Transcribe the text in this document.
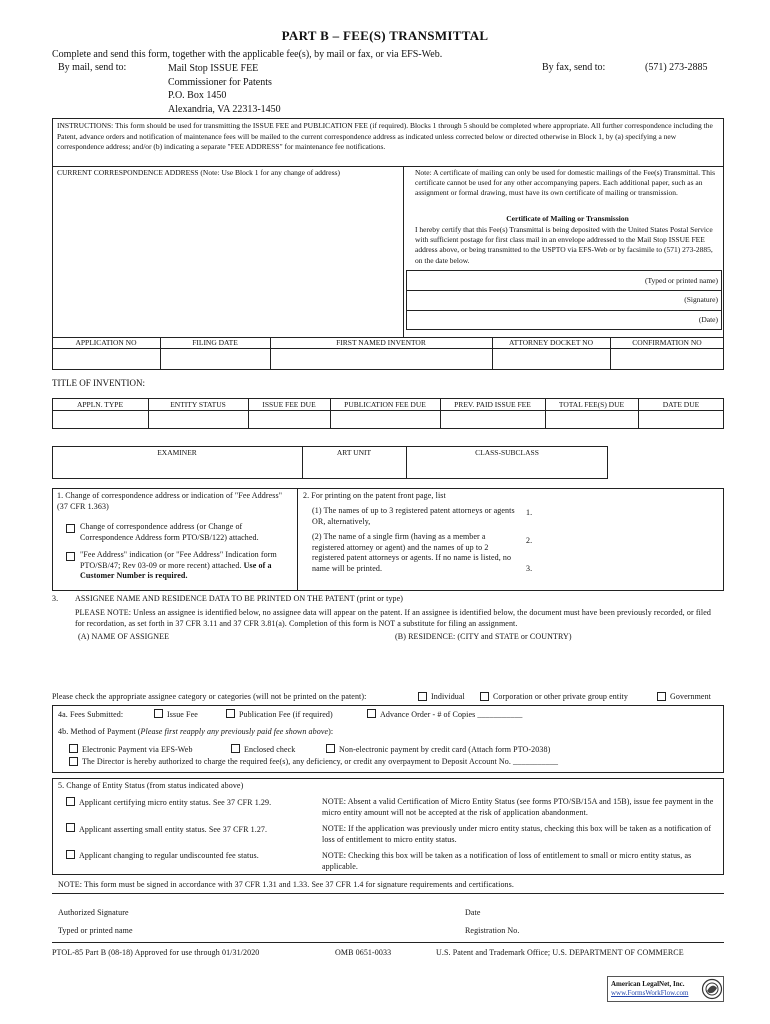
PART B – FEE(S) TRANSMITTAL
Complete and send this form, together with the applicable fee(s), by mail or fax, or via EFS-Web.
By mail, send to:	Mail Stop ISSUE FEE
Commissioner for Patents
P.O. Box 1450
Alexandria, VA 22313-1450
By fax, send to:	(571) 273-2885
INSTRUCTIONS: This form should be used for transmitting the ISSUE FEE and PUBLICATION FEE (if required). Blocks 1 through 5 should be completed where appropriate. All further correspondence including the Patent, advance orders and notification of maintenance fees will be mailed to the current correspondence address as indicated unless corrected below or directed otherwise in Block 1, by (a) specifying a new correspondence address; and/or (b) indicating a separate "FEE ADDRESS" for maintenance fee notifications.
CURRENT CORRESPONDENCE ADDRESS (Note: Use Block 1 for any change of address)	Note: A certificate of mailing can only be used for domestic mailings of the Fee(s) Transmittal. This certificate cannot be used for any other accompanying papers. Each additional paper, such as an assignment or formal drawing, must have its own certificate of mailing or transmission.
Certificate of Mailing or Transmission
I hereby certify that this Fee(s) Transmittal is being deposited with the United States Postal Service with sufficient postage for first class mail in an envelope addressed to the Mail Stop ISSUE FEE address above, or being transmitted to the USPTO via EFS-Web or by facsimile to (571) 273-2885, on the date below.
(Typed or printed name)
(Signature)
(Date)
APPLICATION NO	FILING DATE	FIRST NAMED INVENTOR	ATTORNEY DOCKET NO	CONFIRMATION NO
TITLE OF INVENTION:
APPLN. TYPE	ENTITY STATUS	ISSUE FEE DUE	PUBLICATION FEE DUE	PREV. PAID ISSUE FEE	TOTAL FEE(S) DUE	DATE DUE
EXAMINER	ART UNIT	CLASS-SUBCLASS
1. Change of correspondence address or indication of "Fee Address" (37 CFR 1.363)
Change of correspondence address (or Change of Correspondence Address form PTO/SB/122) attached.
"Fee Address" indication (or "Fee Address" Indication form PTO/SB/47; Rev 03-09 or more recent) attached. Use of a Customer Number is required.
2. For printing on the patent front page, list
(1) The names of up to 3 registered patent attorneys or agents OR, alternatively,
(2) The name of a single firm (having as a member a registered attorney or agent) and the names of up to 2 registered patent attorneys or agents. If no name is listed, no name will be printed.
1.
2.
3.
3. ASSIGNEE NAME AND RESIDENCE DATA TO BE PRINTED ON THE PATENT (print or type)
PLEASE NOTE: Unless an assignee is identified below, no assignee data will appear on the patent. If an assignee is identified below, the document must have been previously recorded, or filed for recordation, as set forth in 37 CFR 3.11 and 37 CFR 3.81(a). Completion of this form is NOT a substitute for filing an assignment.
(A) NAME OF ASSIGNEE	(B) RESIDENCE: (CITY and STATE or COUNTRY)
Please check the appropriate assignee category or categories (will not be printed on the patent):	Individual	Corporation or other private group entity	Government
4a. Fees Submitted:	Issue Fee	Publication Fee (if required)	Advance Order - # of Copies ___________
4b. Method of Payment (Please first reapply any previously paid fee shown above):
Electronic Payment via EFS-Web	Enclosed check	Non-electronic payment by credit card (Attach form PTO-2038)
The Director is hereby authorized to charge the required fee(s), any deficiency, or credit any overpayment to Deposit Account No. ___________
5. Change of Entity Status (from status indicated above)
Applicant certifying micro entity status. See 37 CFR 1.29.	NOTE: Absent a valid Certification of Micro Entity Status (see forms PTO/SB/15A and 15B), issue fee payment in the micro entity amount will not be accepted at the risk of application abandonment.
Applicant asserting small entity status. See 37 CFR 1.27.	NOTE: If the application was previously under micro entity status, checking this box will be taken as a notification of loss of entitlement to micro entity status.
Applicant changing to regular undiscounted fee status.	NOTE: Checking this box will be taken as a notification of loss of entitlement to small or micro entity status, as applicable.
NOTE: This form must be signed in accordance with 37 CFR 1.31 and 1.33. See 37 CFR 1.4 for signature requirements and certifications.
Authorized Signature	Date
Typed or printed name	Registration No.
PTOL-85 Part B (08-18) Approved for use through 01/31/2020	OMB 0651-0033	U.S. Patent and Trademark Office; U.S. DEPARTMENT OF COMMERCE
American LegalNet, Inc.
www.FormsWorkFlow.com
